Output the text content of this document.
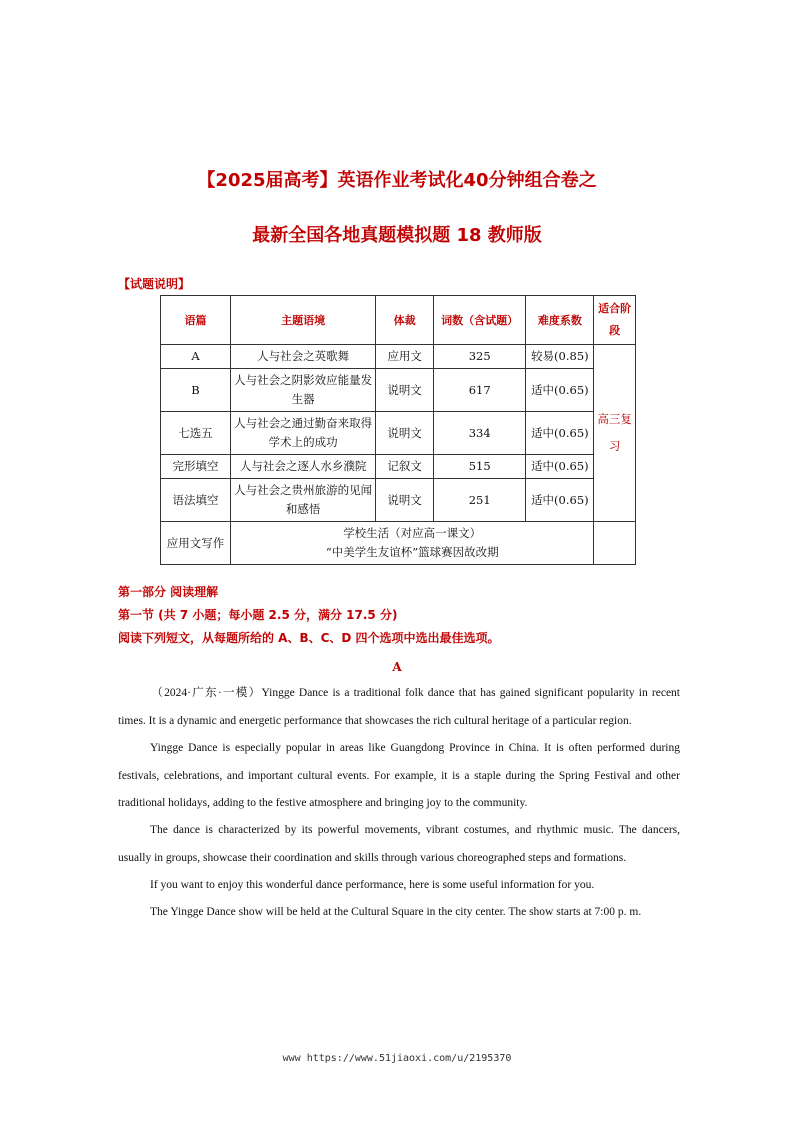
【2025届高考】英语作业考试化40分钟组合卷之
最新全国各地真题模拟题 18 教师版
【试题说明】
语篇	主题语境	体裁	词数（含试题）	难度系数	适合阶段
A	人与社会之英歌舞	应用文	325	较易(0.85)	高三复习
B	人与社会之阴影效应能量发生器	说明文	617	适中(0.65)	
七选五	人与社会之通过勤奋来取得学术上的成功	说明文	334	适中(0.65)	
完形填空	人与社会之逐人水乡濮院	记叙文	515	适中(0.65)	
语法填空	人与社会之贵州旅游的见闻和感悟	说明文	251	适中(0.65)	
应用文写作	学校生活（对应高一课文）
“中美学生友谊杯”篮球赛因故改期				

第一部分 阅读理解
第一节 (共 7 小题；每小题 2.5 分，满分 17.5 分)
阅读下列短文，从每题所给的 A、B、C、D 四个选项中选出最佳选项。
A

（2024·广东·一模）Yingge Dance is a traditional folk dance that has gained significant popularity in recent times. It is a dynamic and energetic performance that showcases the rich cultural heritage of a particular region.

Yingge Dance is especially popular in areas like Guangdong Province in China. It is often performed during festivals, celebrations, and important cultural events. For example, it is a staple during the Spring Festival and other traditional holidays, adding to the festive atmosphere and bringing joy to the community.

The dance is characterized by its powerful movements, vibrant costumes, and rhythmic music. The dancers, usually in groups, showcase their coordination and skills through various choreographed steps and formations.

If you want to enjoy this wonderful dance performance, here is some useful information for you.

The Yingge Dance show will be held at the Cultural Square in the city center. The show starts at 7:00 p. m.

www https://www.51jiaoxi.com/u/2195370
